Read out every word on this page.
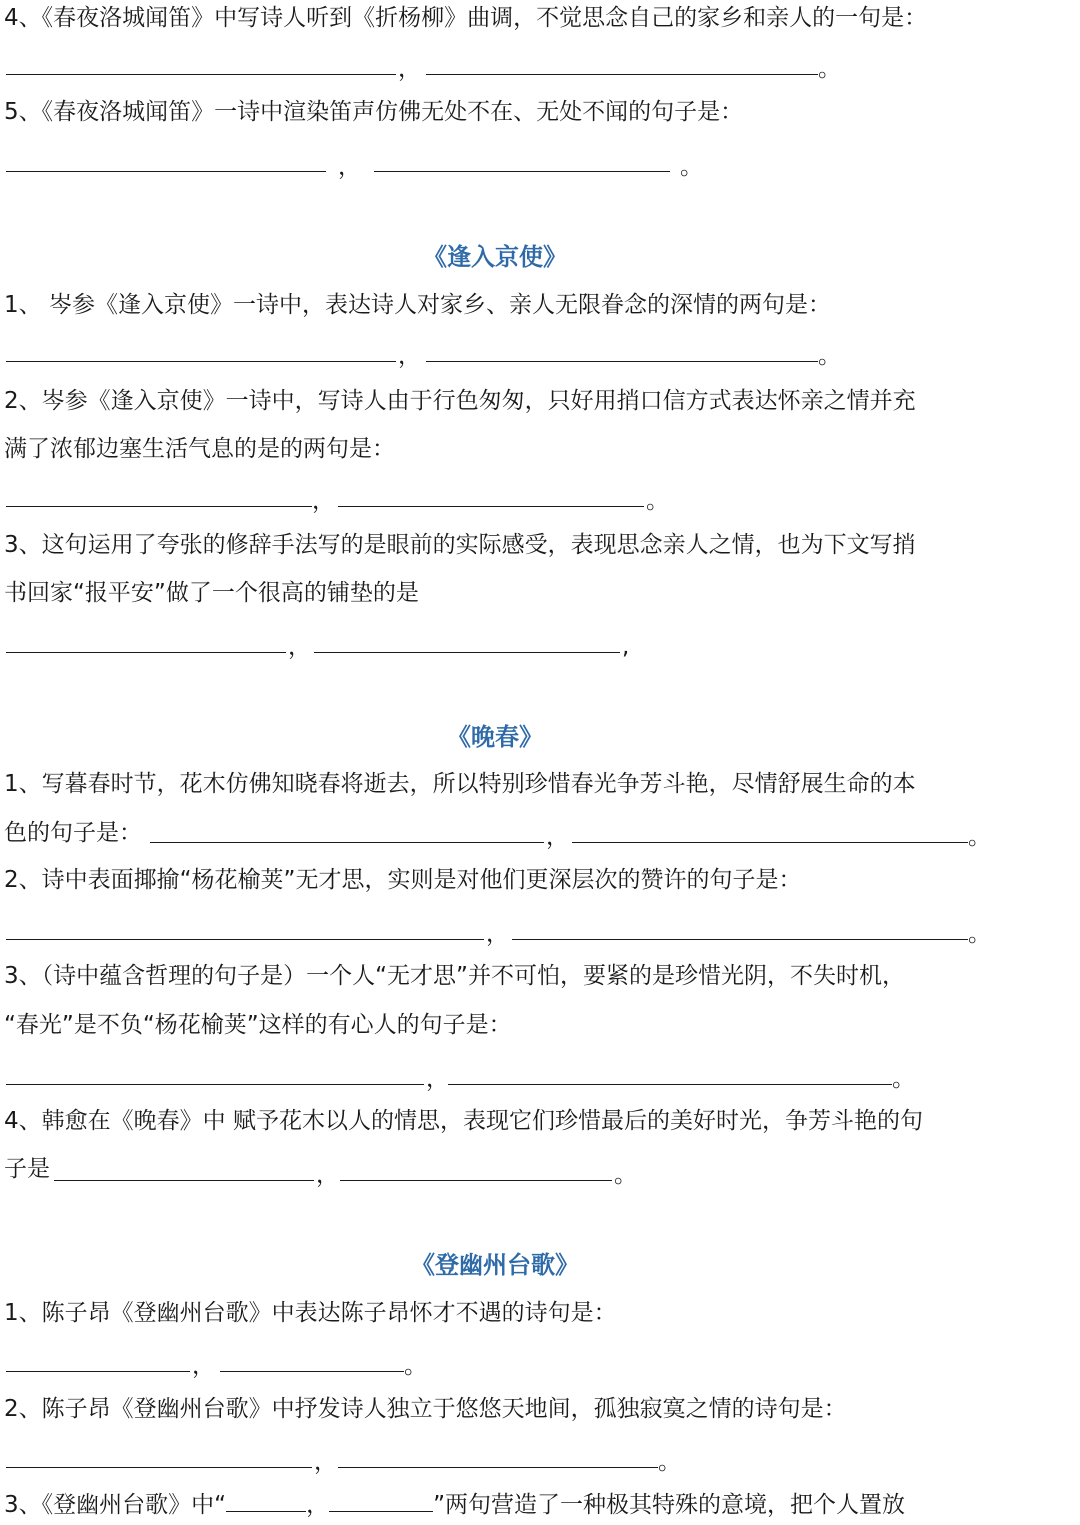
4、《春夜洛城闻笛》中写诗人听到《折杨柳》曲调，不觉思念自己的家乡和亲人的一句是：
，	。
5、《春夜洛城闻笛》一诗中渲染笛声仿佛无处不在、无处不闻的句子是：
，	。
《逢入京使》
1、 岑参《逢入京使》一诗中，表达诗人对家乡、亲人无限眷念的深情的两句是：
，	。
2、岑参《逢入京使》一诗中，写诗人由于行色匆匆，只好用捎口信方式表达怀亲之情并充
满了浓郁边塞生活气息的是的两句是：
，	。
3、这句运用了夸张的修辞手法写的是眼前的实际感受，表现思念亲人之情，也为下文写捎
书回家“报平安”做了一个很高的铺垫的是
，	,
《晚春》
1、写暮春时节，花木仿佛知晓春将逝去，所以特别珍惜春光争芳斗艳，尽情舒展生命的本
色的句子是：	，	。
2、诗中表面揶揄“杨花榆荚”无才思，实则是对他们更深层次的赞许的句子是：
，	。
3、（诗中蕴含哲理的句子是）一个人“无才思”并不可怕，要紧的是珍惜光阴，不失时机，
“春光”是不负“杨花榆荚”这样的有心人的句子是：
，	。
4、韩愈在《晚春》中 赋予花木以人的情思，表现它们珍惜最后的美好时光，争芳斗艳的句
子是	，	。
《登幽州台歌》
1、陈子昂《登幽州台歌》中表达陈子昂怀才不遇的诗句是：
，	。
2、陈子昂《登幽州台歌》中抒发诗人独立于悠悠天地间，孤独寂寞之情的诗句是：
，	。
3、《登幽州台歌》中“	，	”两句营造了一种极其特殊的意境，把个人置放
